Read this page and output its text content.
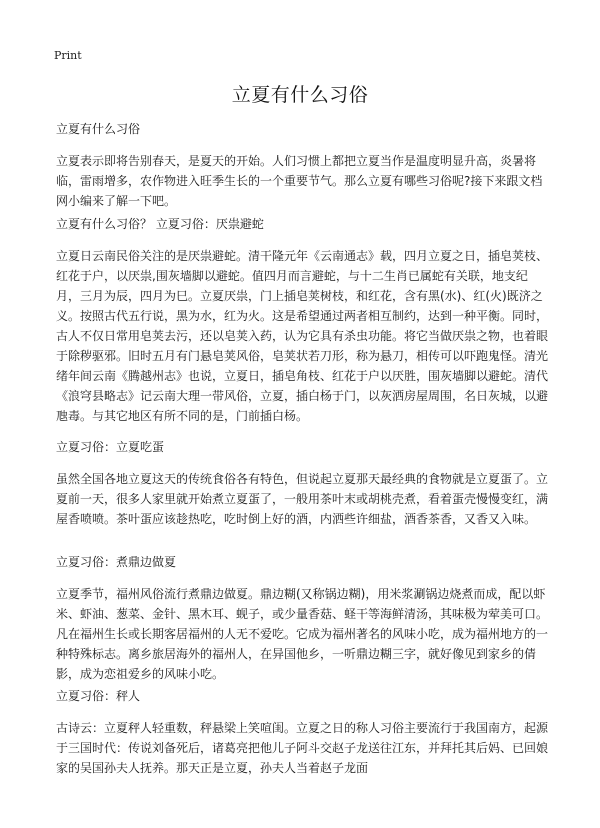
Print
立夏有什么习俗
立夏有什么习俗

立夏表示即将告别春天，是夏天的开始。人们习惯上都把立夏当作是温度明显升高，炎暑将临，雷雨增多，农作物进入旺季生长的一个重要节气。那么立夏有哪些习俗呢?接下来跟文档网小编来了解一下吧。

立夏有什么习俗？ 立夏习俗：厌祟避蛇

立夏日云南民俗关注的是厌祟避蛇。清干隆元年《云南通志》载，四月立夏之日，插皂荚枝、红花于户，以厌祟,围灰墙脚以避蛇。值四月而言避蛇，与十二生肖已属蛇有关联，地支纪月，三月为辰，四月为巳。立夏厌祟，门上插皂荚树枝，和红花，含有黑(水)、红(火)既济之义。按照古代五行说，黑为水，红为火。这是希望通过两者相互制约，达到一种平衡。同时，古人不仅日常用皂荚去污，还以皂荚入药，认为它具有杀虫功能。将它当做厌祟之物，也着眼于除秽驱邪。旧时五月有门悬皂荚风俗，皂荚状若刀形，称为悬刀，相传可以吓跑鬼怪。清光绪年间云南《腾越州志》也说，立夏日，插皂角枝、红花于户以厌胜，围灰墙脚以避蛇。清代《浪穹县略志》记云南大理一带风俗，立夏，插白杨于门，以灰洒房屋周围，名日灰城，以避虺毒。与其它地区有所不同的是，门前插白杨。

立夏习俗：立夏吃蛋

虽然全国各地立夏这天的传统食俗各有特色，但说起立夏那天最经典的食物就是立夏蛋了。立夏前一天，很多人家里就开始煮立夏蛋了，一般用茶叶末或胡桃壳煮，看着蛋壳慢慢变红，满屋香喷喷。茶叶蛋应该趁热吃，吃时倒上好的酒，内洒些许细盐，酒香茶香，又香又入味。

立夏习俗：煮鼎边做夏

立夏季节，福州风俗流行煮鼎边做夏。鼎边糊(又称锅边糊)，用米浆涮锅边烧煮而成，配以虾米、虾油、葱菜、金针、黑木耳、蚬子，或少量香菇、蛏干等海鲜清汤，其味极为荤美可口。凡在福州生长或长期客居福州的人无不爱吃。它成为福州著名的风味小吃，成为福州地方的一种特殊标志。离乡旅居海外的福州人，在异国他乡，一听鼎边糊三字，就好像见到家乡的倩影，成为恋祖爱乡的风味小吃。

立夏习俗：秤人

古诗云：立夏秤人轻重数，秤悬梁上笑喧闺。立夏之日的称人习俗主要流行于我国南方，起源于三国时代：传说刘备死后，诸葛亮把他儿子阿斗交赵子龙送往江东，并拜托其后妈、已回娘家的吴国孙夫人抚养。那天正是立夏，孙夫人当着赵子龙面
